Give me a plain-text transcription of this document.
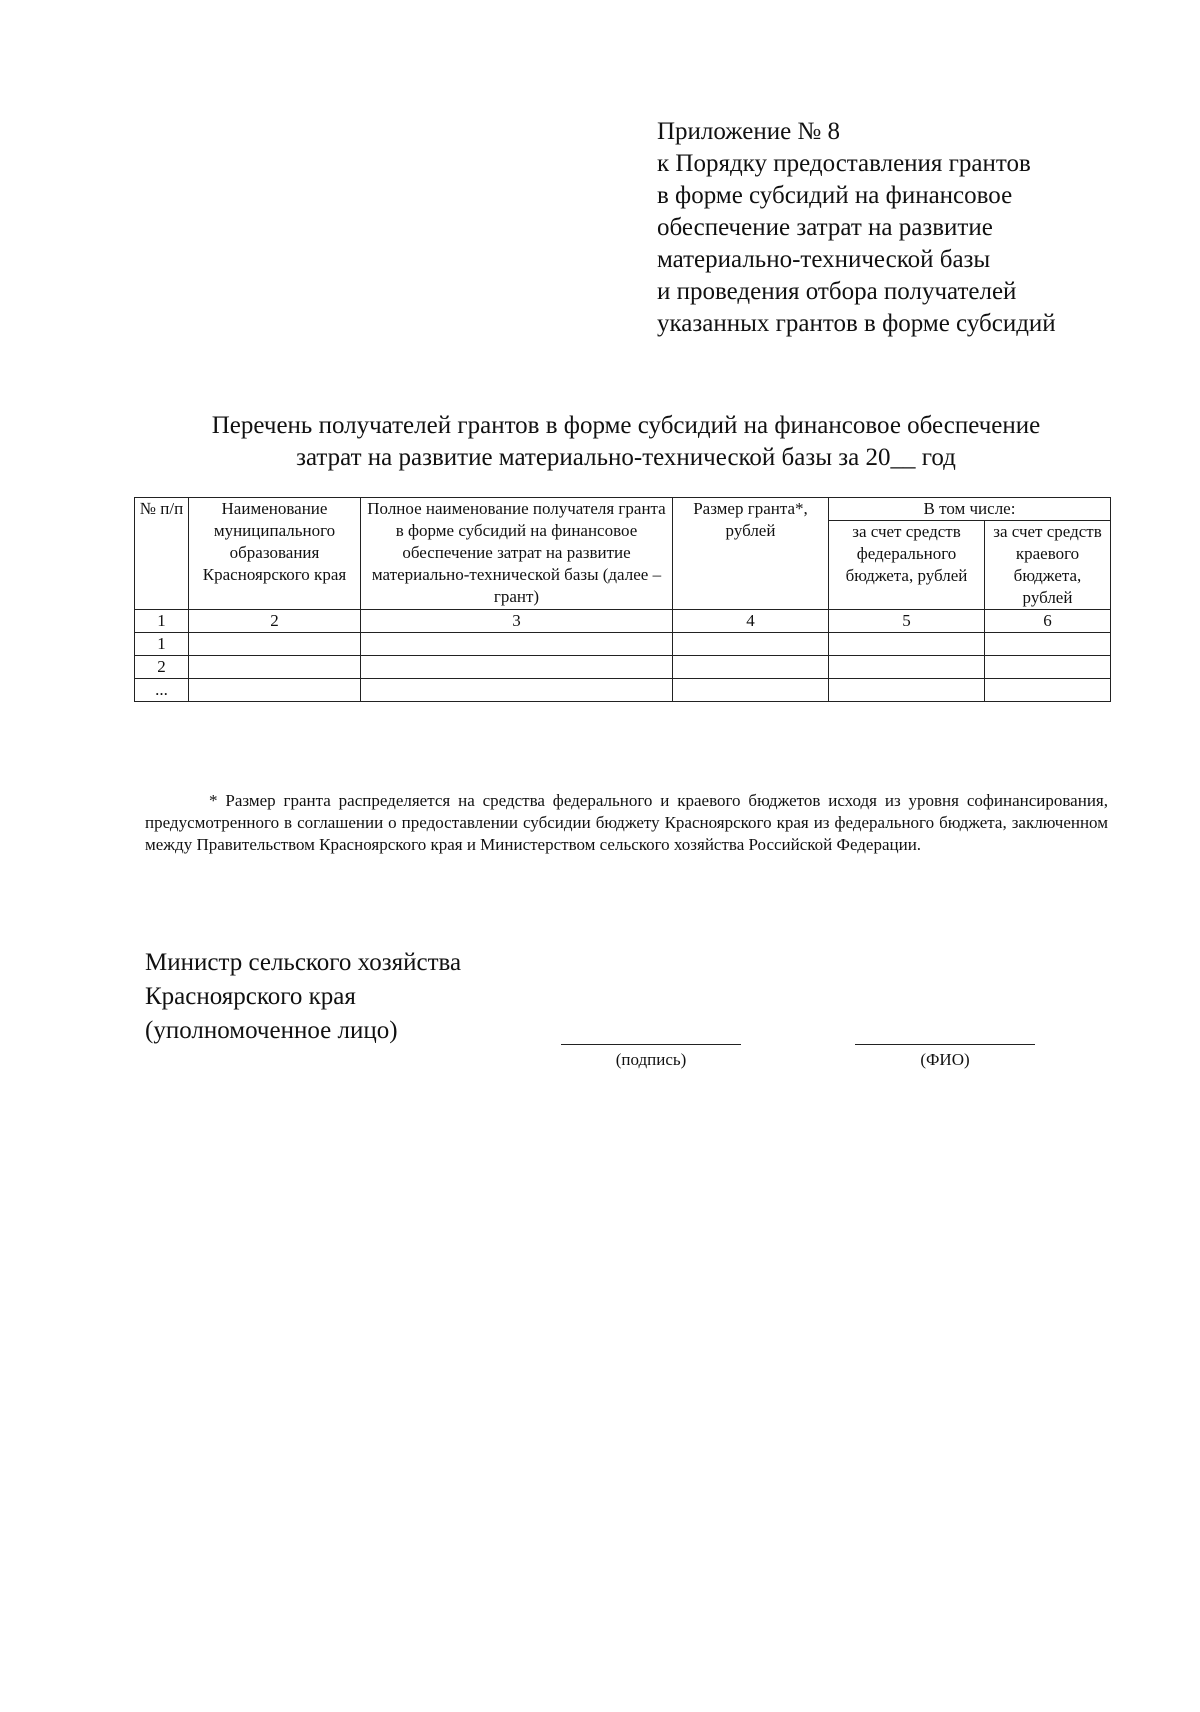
Приложение № 8
к Порядку предоставления грантов
в форме субсидий на финансовое
обеспечение затрат на развитие
материально-технической базы
и проведения отбора получателей
указанных грантов в форме субсидий
Перечень получателей грантов в форме субсидий на финансовое обеспечение
затрат на развитие материально-технической базы за 20__ год
№ п/п	Наименование муниципального образования Красноярского края	Полное наименование получателя гранта в форме субсидий на финансовое обеспечение затрат на развитие материально-технической базы (далее – грант)	Размер гранта*, рублей	В том числе:	
				за счет средств федерального бюджета, рублей	за счет средств краевого бюджета, рублей
1	2	3	4	5	6
1					
2					
...					
* Размер гранта распределяется на средства федерального и краевого бюджетов исходя из уровня софинансирования, предусмотренного в соглашении о предоставлении субсидии бюджету Красноярского края из федерального бюджета, заключенном между Правительством Красноярского края и Министерством сельского хозяйства Российской Федерации.
Министр сельского хозяйства
Красноярского края
(уполномоченное лицо)
(подпись)	(ФИО)
